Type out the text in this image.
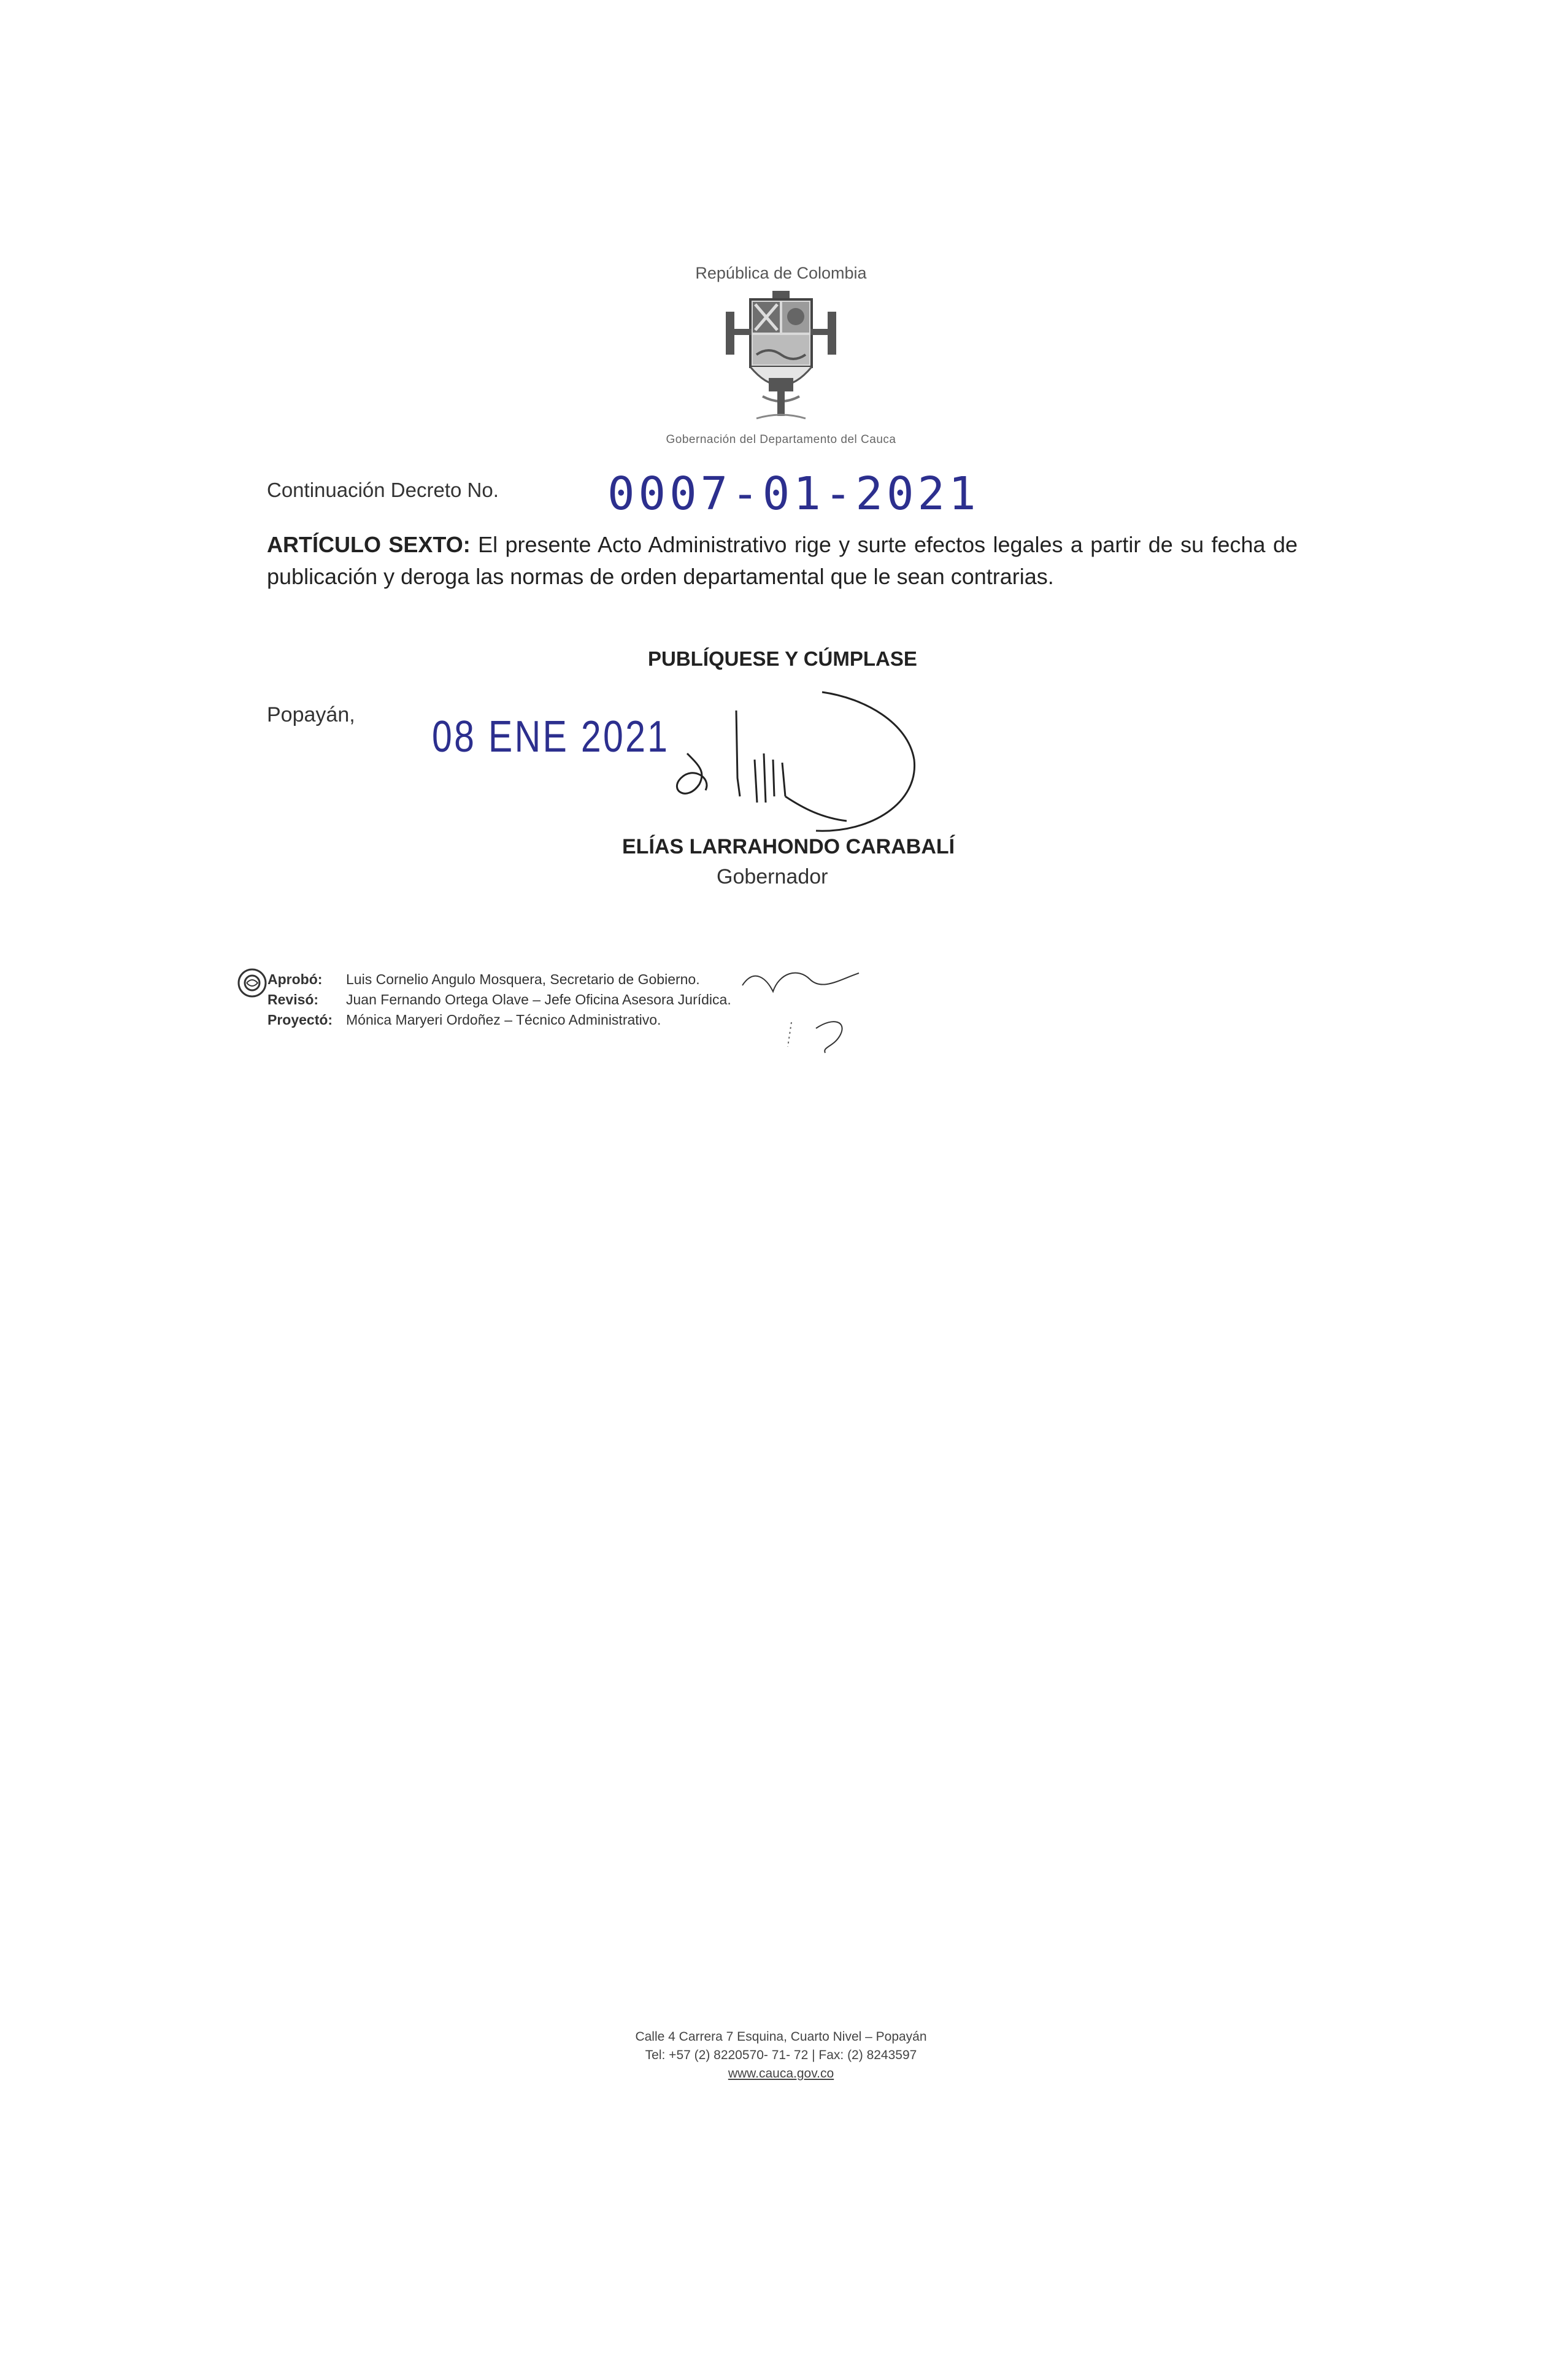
República de Colombia
Gobernación del Departamento del Cauca
Continuación Decreto No. 0007-01-2021
ARTÍCULO SEXTO: El presente Acto Administrativo rige y surte efectos legales a partir de su fecha de publicación y deroga las normas de orden departamental que le sean contrarias.
PUBLÍQUESE Y CÚMPLASE
Popayán, 08 ENE 2021
ELÍAS LARRAHONDO CARABALÍ
Gobernador
Aprobó: Luis Cornelio Angulo Mosquera, Secretario de Gobierno.
Revisó: Juan Fernando Ortega Olave – Jefe Oficina Asesora Jurídica.
Proyectó: Mónica Maryeri Ordoñez – Técnico Administrativo.
Calle 4 Carrera 7 Esquina, Cuarto Nivel – Popayán
Tel: +57 (2) 8220570- 71- 72 | Fax: (2) 8243597
www.cauca.gov.co
